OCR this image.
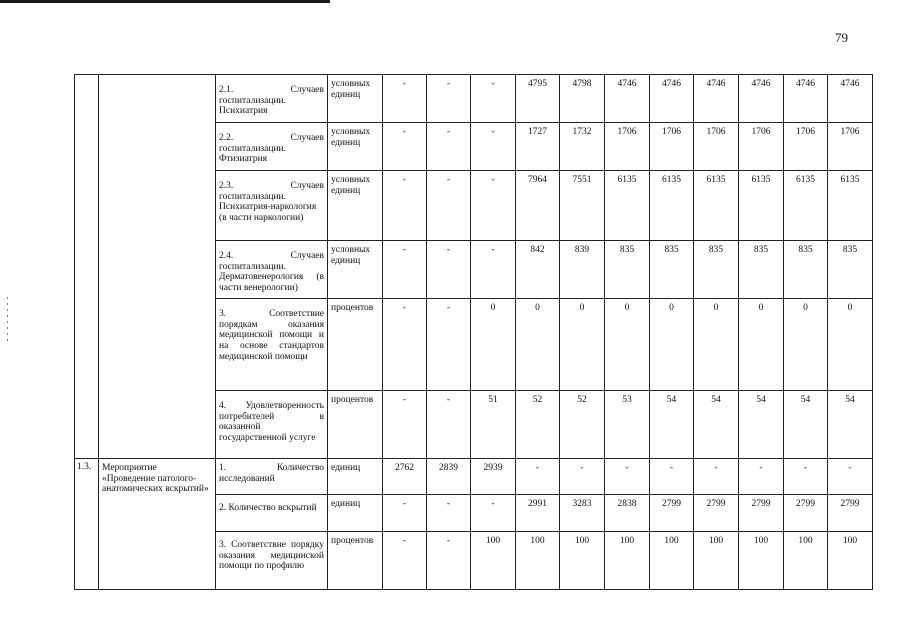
79
		2.1. Случаев госпитализации. Психиатрия	условных единиц	-	-	-	4795	4798	4746	4746	4746	4746	4746	4746
		2.2. Случаев госпитализации. Фтизиатрия	условных единиц	-	-	-	1727	1732	1706	1706	1706	1706	1706	1706
		2.3. Случаев госпитализации. Психиатрия-наркология (в части наркологии)	условных единиц	-	-	-	7964	7551	6135	6135	6135	6135	6135	6135
		2.4. Случаев госпитализации. Дерматовенерология (в части венерологии)	условных единиц	-	-	-	842	839	835	835	835	835	835	835
		3. Соответствие порядкам оказания медицинской помощи и на основе стандартов медицинской помощи	процентов	-	-	0	0	0	0	0	0	0	0	0
		4. Удовлетворенность потребителей в оказанной государственной услуге	процентов	-	-	51	52	52	53	54	54	54	54	54
1.3.	Мероприятие «Проведение патолого-анатомических вскрытий»	1. Количество исследований	единиц	2762	2839	2939	-	-	-	-	-	-	-	-
		2. Количество вскрытий	единиц	-	-	-	2991	3283	2838	2799	2799	2799	2799	2799
		3. Соответствие порядку оказания медицинской помощи по профилю	процентов	-	-	100	100	100	100	100	100	100	100	100
